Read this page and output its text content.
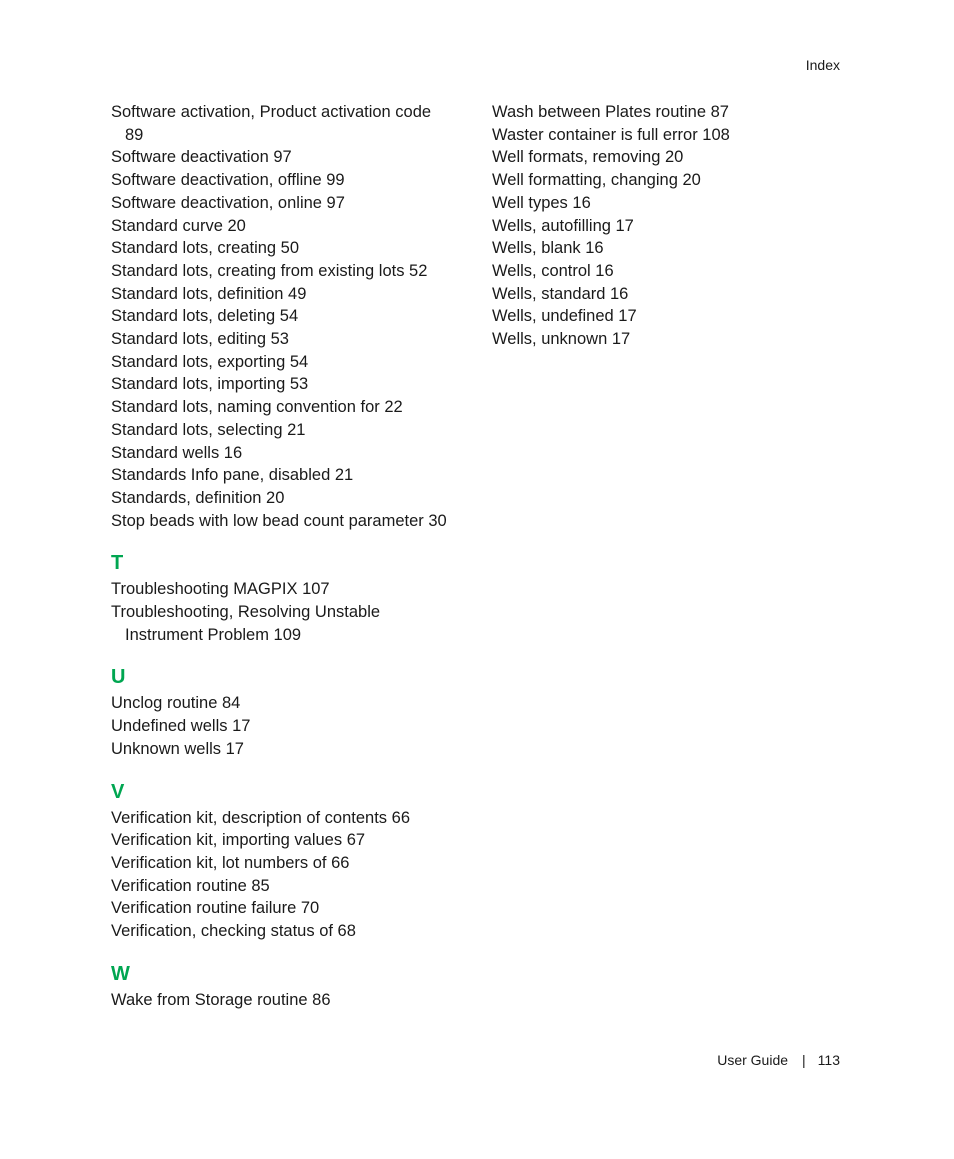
Index
Software activation, Product activation code
89
Software deactivation 97
Software deactivation, offline 99
Software deactivation, online 97
Standard curve 20
Standard lots, creating 50
Standard lots, creating from existing lots 52
Standard lots, definition 49
Standard lots, deleting 54
Standard lots, editing 53
Standard lots, exporting 54
Standard lots, importing 53
Standard lots, naming convention for 22
Standard lots, selecting 21
Standard wells 16
Standards Info pane, disabled 21
Standards, definition 20
Stop beads with low bead count parameter 30
T
Troubleshooting MAGPIX 107
Troubleshooting, Resolving Unstable
Instrument Problem 109
U
Unclog routine 84
Undefined wells 17
Unknown wells 17
V
Verification kit, description of contents 66
Verification kit, importing values 67
Verification kit, lot numbers of 66
Verification routine 85
Verification routine failure 70
Verification, checking status of 68
W
Wake from Storage routine 86
Wash between Plates routine 87
Waster container is full error 108
Well formats, removing 20
Well formatting, changing 20
Well types 16
Wells, autofilling 17
Wells, blank 16
Wells, control 16
Wells, standard 16
Wells, undefined 17
Wells, unknown 17
User Guide | 113
